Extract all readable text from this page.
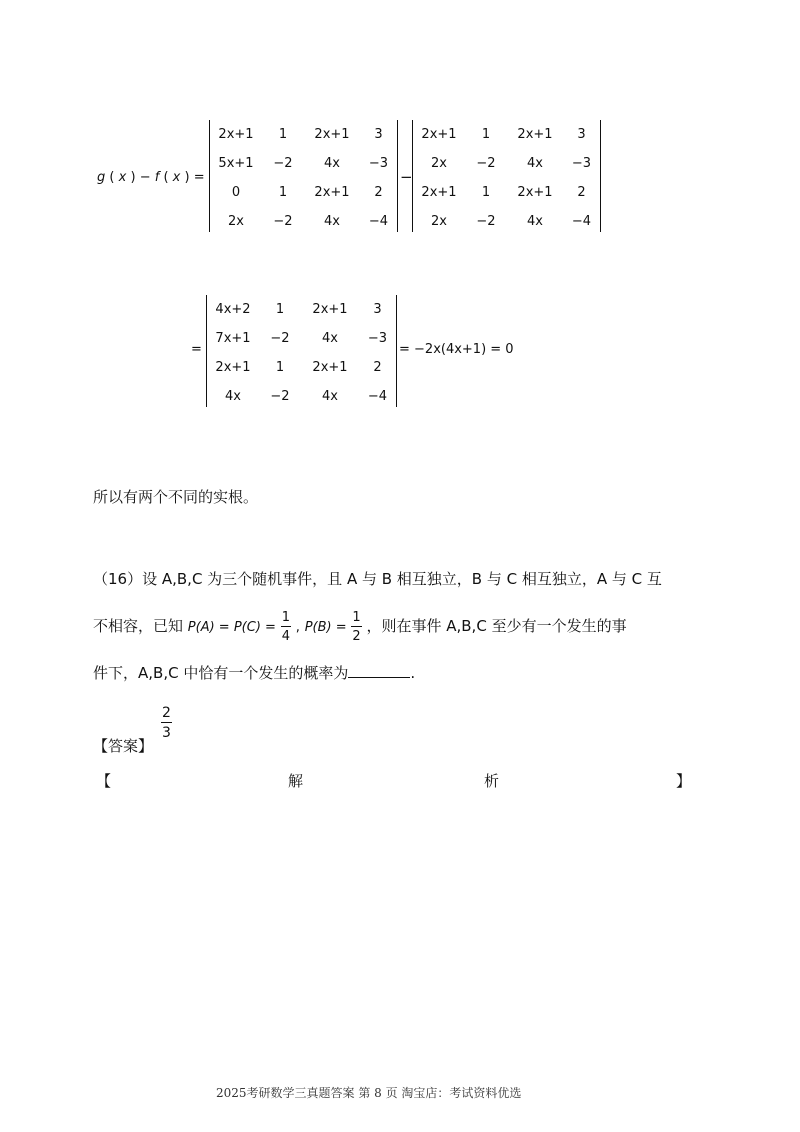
g ( x ) − f ( x ) =
2x+1	1	2x+1	3
5x+1	−2	4x	−3
0	1	2x+1	2
2x	−2	4x	−4
−
2x+1	1	2x+1	3
2x	−2	4x	−3
2x+1	1	2x+1	2
2x	−2	4x	−4
=
4x+2	1	2x+1	3
7x+1	−2	4x	−3
2x+1	1	2x+1	2
4x	−2	4x	−4
= −2x(4x+1) = 0
所以有两个不同的实根。
（16）设 A,B,C 为三个随机事件，且 A 与 B 相互独立，B 与 C 相互独立，A 与 C 互
不相容，已知 $P(A) = P(C) = \frac{1}{4}$ , $P(B) = \frac{1}{2}$ ，则在事件 A,B,C 至少有一个发生的事
件下，A,B,C 中恰有一个发生的概率为	.
【答案】
$\frac{2}{3}$
【	解	析	】
2025考研数学三真题答案 第 8 页 淘宝店：考试资料优选
